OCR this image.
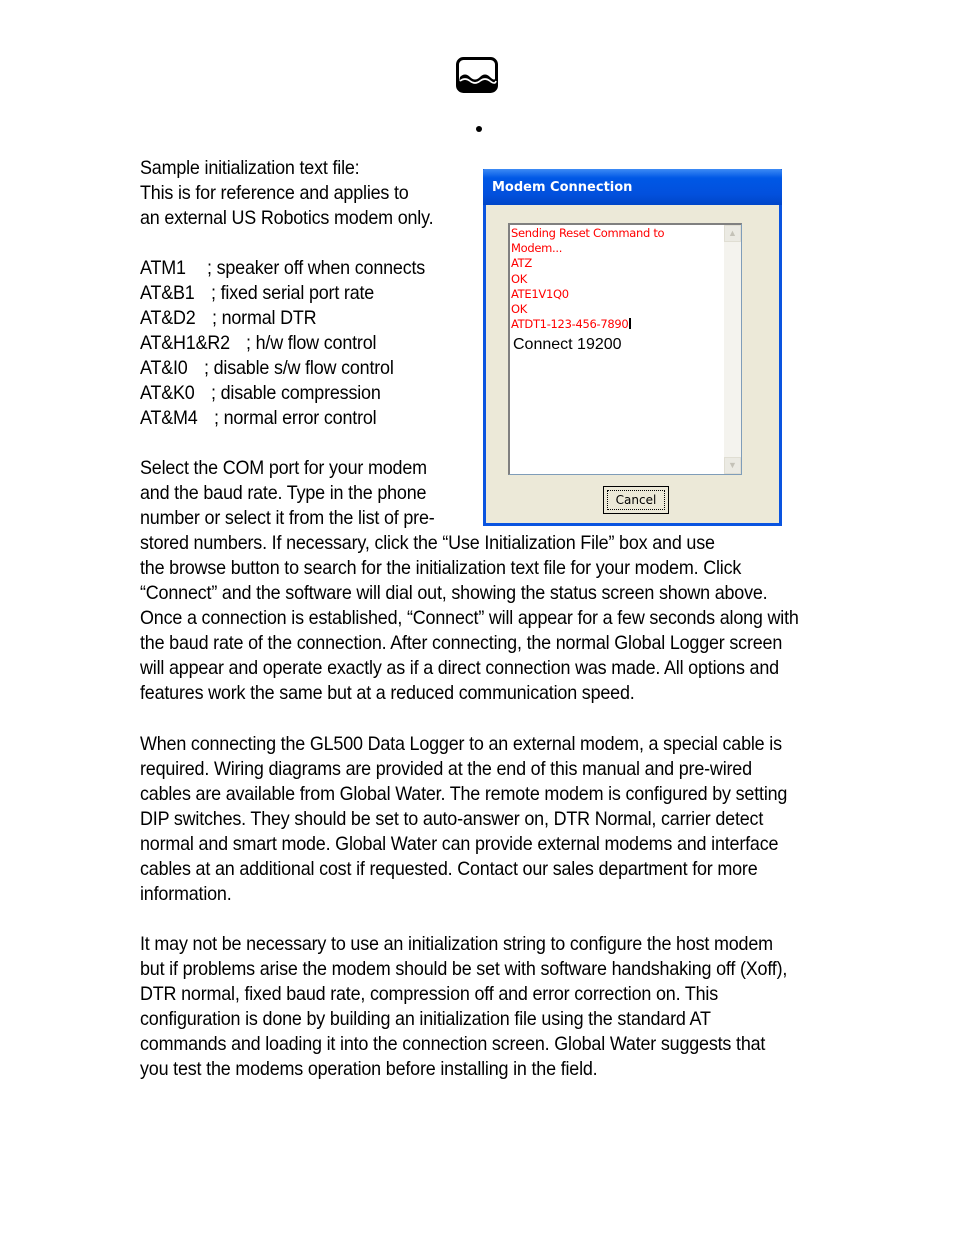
Sample initialization text file:
This is for reference and applies to
an external US Robotics modem only.
ATM1 ; speaker off when connects
AT&B1 ; fixed serial port rate
AT&D2 ; normal DTR
AT&H1&R2 ; h/w flow control
AT&I0 ; disable s/w flow control
AT&K0 ; disable compression
AT&M4 ; normal error control
Select the COM port for your modem
and the baud rate. Type in the phone
number or select it from the list of pre-
stored numbers. If necessary, click the “Use Initialization File” box and use
the browse button to search for the initialization text file for your modem. Click
“Connect” and the software will dial out, showing the status screen shown above.
Once a connection is established, “Connect” will appear for a few seconds along with
the baud rate of the connection. After connecting, the normal Global Logger screen
will appear and operate exactly as if a direct connection was made. All options and
features work the same but at a reduced communication speed.
When connecting the GL500 Data Logger to an external modem, a special cable is
required. Wiring diagrams are provided at the end of this manual and pre-wired
cables are available from Global Water. The remote modem is configured by setting
DIP switches. They should be set to auto-answer on, DTR Normal, carrier detect
normal and smart mode. Global Water can provide external modems and interface
cables at an additional cost if requested. Contact our sales department for more
information.
It may not be necessary to use an initialization string to configure the host modem
but if problems arise the modem should be set with software handshaking off (Xoff),
DTR normal, fixed baud rate, compression off and error correction on. This
configuration is done by building an initialization file using the standard AT
commands and loading it into the connection screen. Global Water suggests that
you test the modems operation before installing in the field.
Modem Connection
Sending Reset Command to
Modem...
ATZ
OK
ATE1V1Q0
OK
ATDT1-123-456-7890
Connect 19200
▲
▼
Cancel
